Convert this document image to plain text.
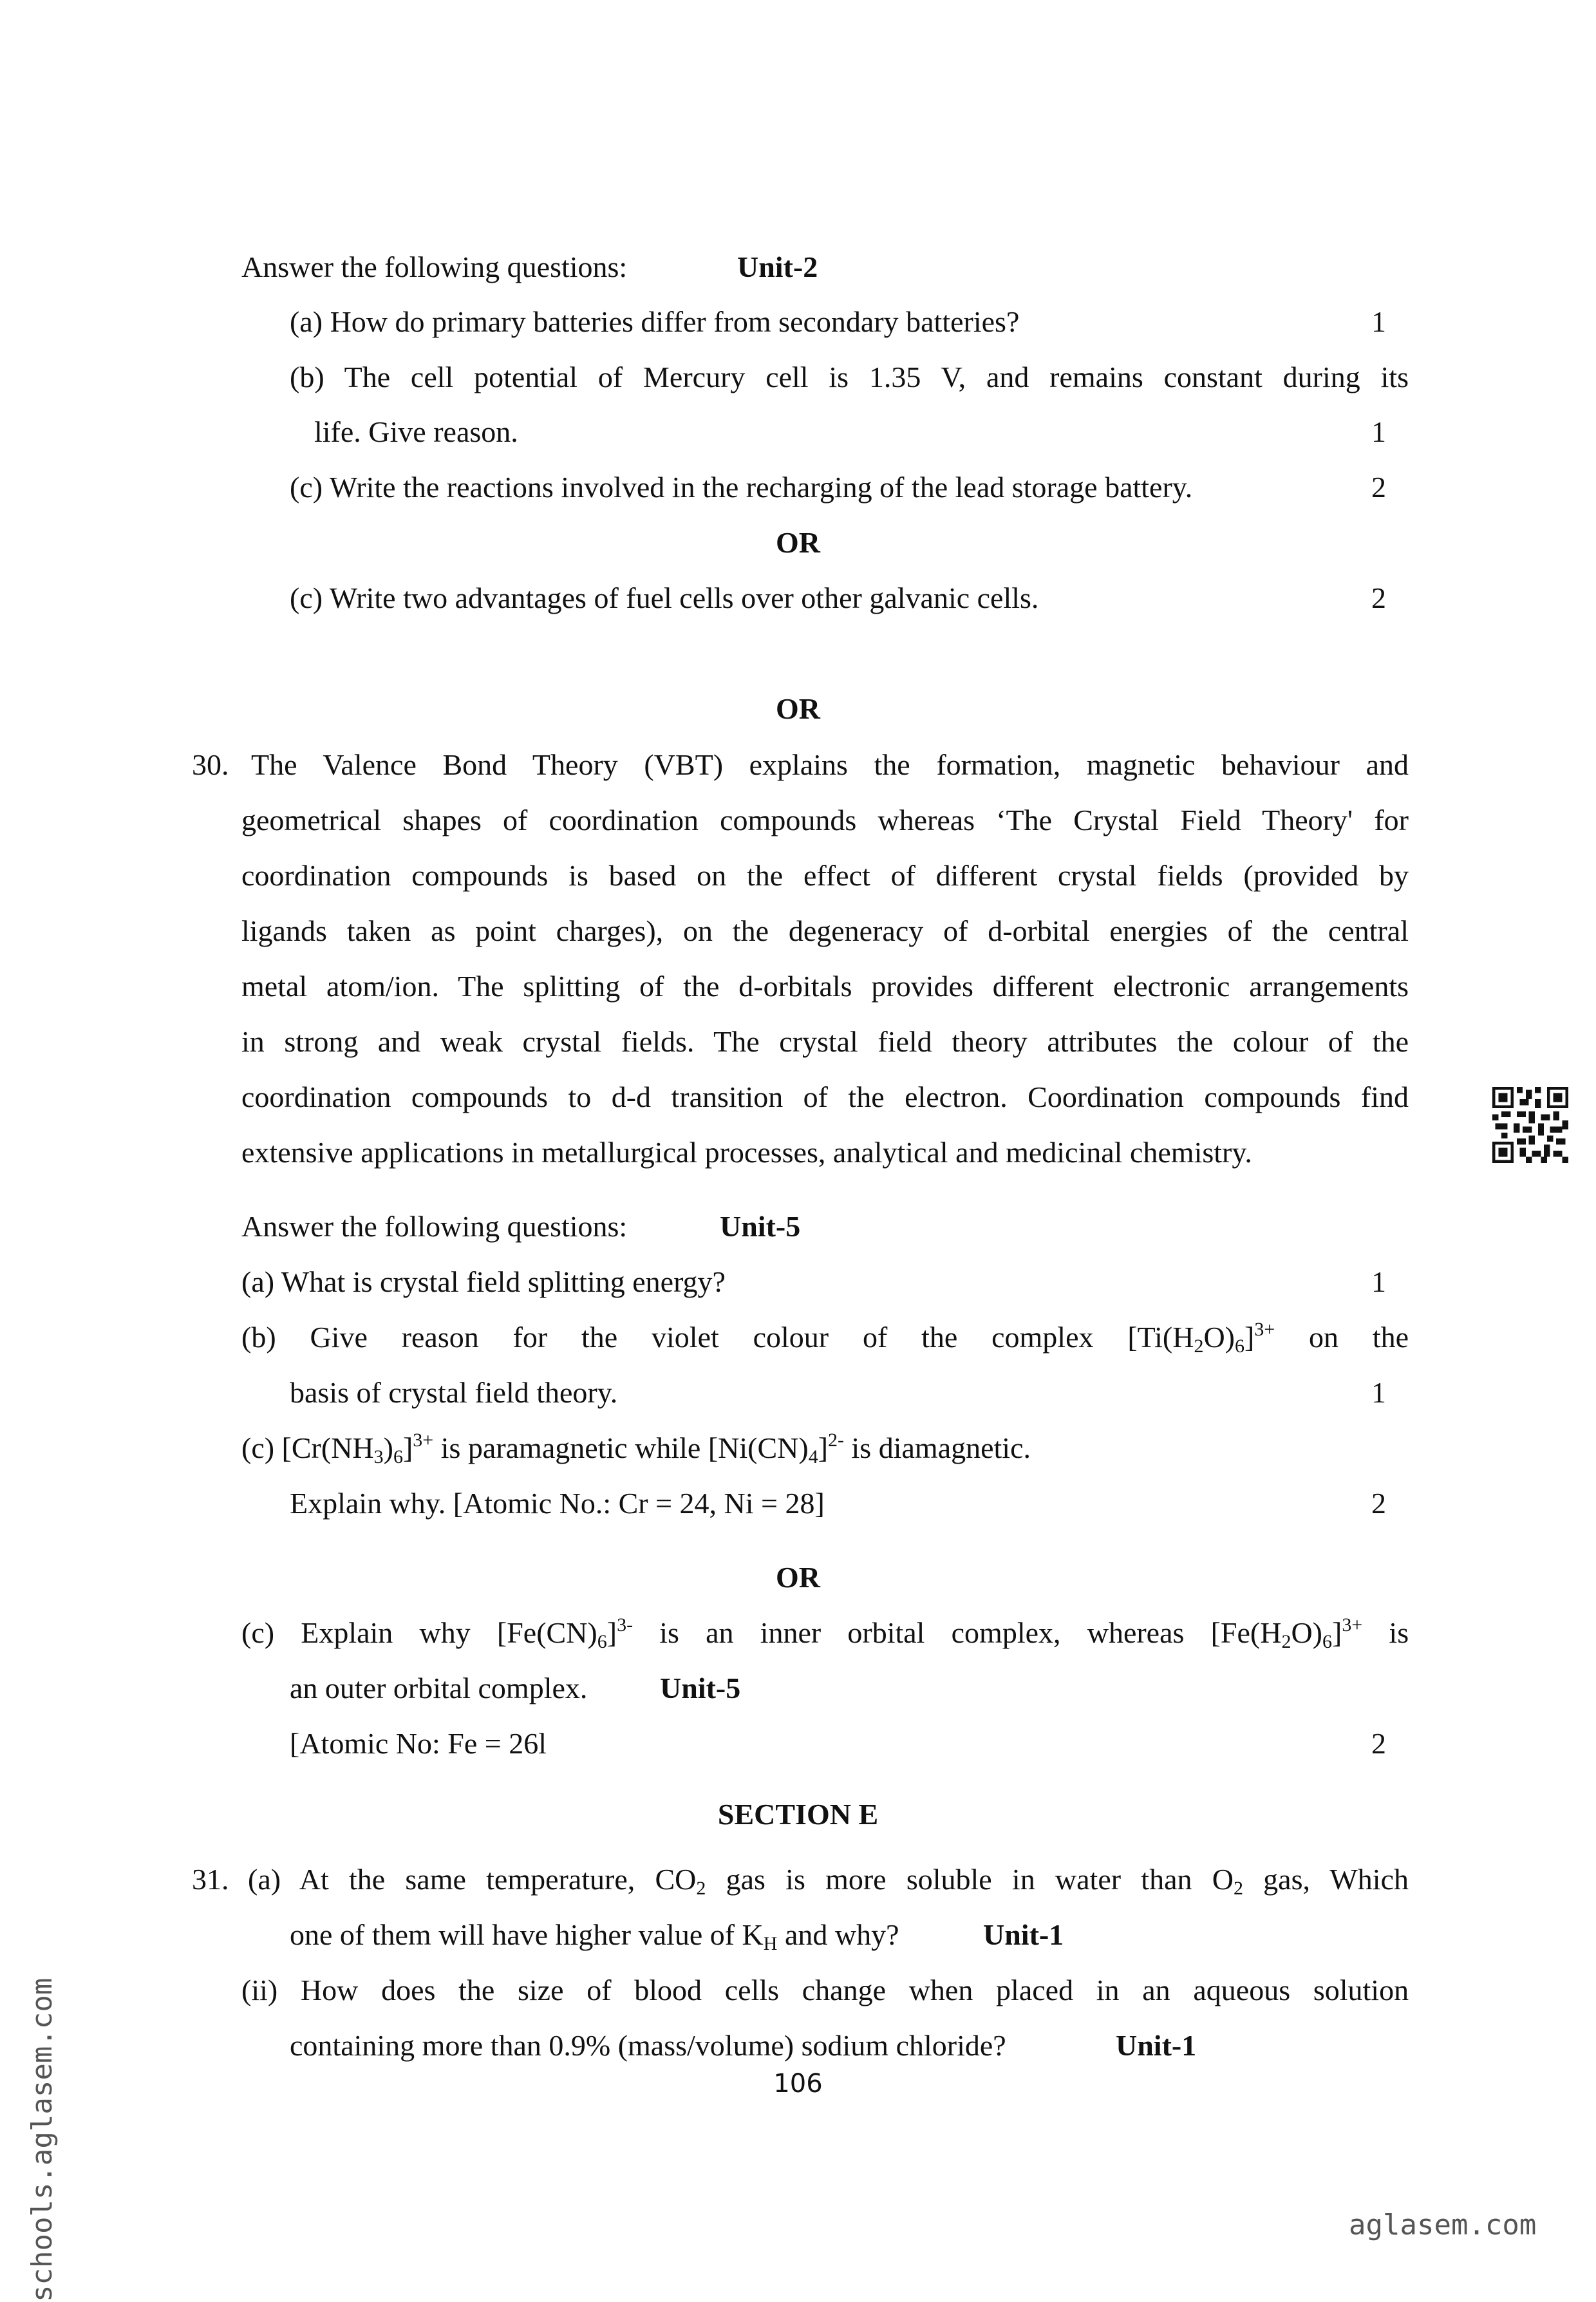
Answer the following questions:	Unit-2
(a) How do primary batteries differ from secondary batteries?	1
(b) The cell potential of Mercury cell is 1.35 V, and remains constant during its
life. Give reason.	1
(c) Write the reactions involved in the recharging of the lead storage battery.	2
OR
(c) Write two advantages of fuel cells over other galvanic cells.	2
OR
30. The Valence Bond Theory (VBT) explains the formation, magnetic behaviour and
geometrical shapes of coordination compounds whereas ‘The Crystal Field Theory' for
coordination compounds is based on the effect of different crystal fields (provided by
ligands taken as point charges), on the degeneracy of d-orbital energies of the central
metal atom/ion. The splitting of the d-orbitals provides different electronic arrangements
in strong and weak crystal fields. The crystal field theory attributes the colour of the
coordination compounds to d-d transition of the electron. Coordination compounds find
extensive applications in metallurgical processes, analytical and medicinal chemistry.
Answer the following questions:	Unit-5
(a) What is crystal field splitting energy?	1
(b) Give reason for the violet colour of the complex $[Ti(H_2O)_6]^{3+}$ on the
basis of crystal field theory.	1
(c) $[Cr(NH_3)_6]^{3+}$ is paramagnetic while $[Ni(CN)_4]^{2-}$ is diamagnetic.
Explain why. [Atomic No.: Cr = 24, Ni = 28]	2
OR
(c) Explain why $[Fe(CN)_6]^{3-}$ is an inner orbital complex, whereas $[Fe(H_2O)_6]^{3+}$ is
an outer orbital complex. Unit-5
[Atomic No: Fe = 26l	2
SECTION E
31. (a) At the same temperature, $CO_2$ gas is more soluble in water than $O_2$ gas, Which
one of them will have higher value of $K_H$ and why?	Unit-1
(ii) How does the size of blood cells change when placed in an aqueous solution
containing more than 0.9% (mass/volume) sodium chloride?	Unit-1
106
schools.aglasem.com	aglasem.com
